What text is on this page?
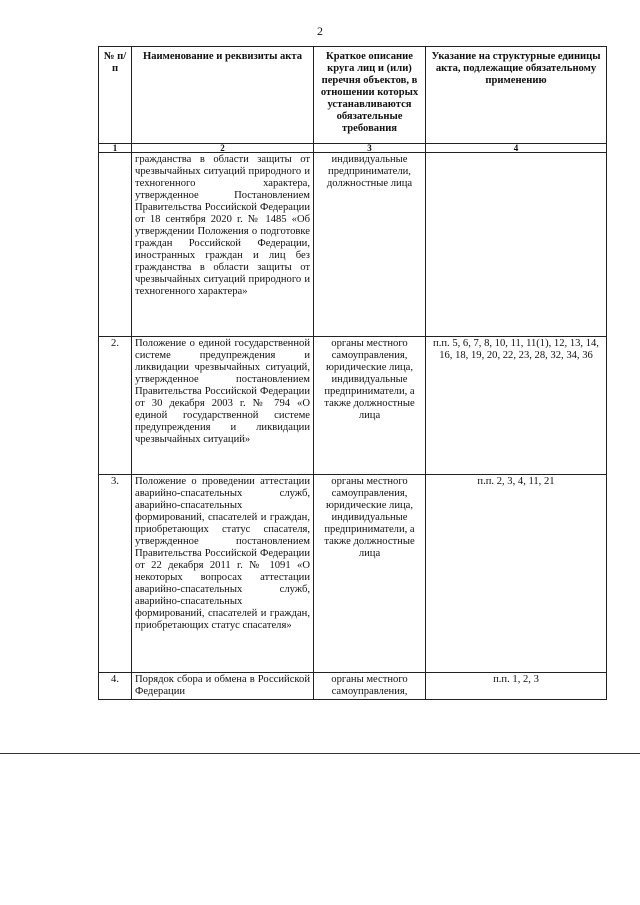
2
№ п/п	Наименование и реквизиты акта	Краткое описание круга лиц и (или) перечня объектов, в отношении которых устанавливаются обязательные требования	Указание на структурные единицы акта, подлежащие обязательному применению
1	2	3	4
	гражданства в области защиты от чрезвычайных ситуаций природного и техногенного характера, утвержденное Постановлением Правительства Российской Федерации от 18 сентября 2020 г. № 1485 «Об утверждении Положения о подготовке граждан Российской Федерации, иностранных граждан и лиц без гражданства в области защиты от чрезвычайных ситуаций природного и техногенного характера»	индивидуальные предприниматели, должностные лица	
2.	Положение о единой государственной системе предупреждения и ликвидации чрезвычайных ситуаций, утвержденное постановлением Правительства Российской Федерации от 30 декабря 2003 г. № 794 «О единой государственной системе предупреждения и ликвидации чрезвычайных ситуаций»	органы местного самоуправления, юридические лица, индивидуальные предприниматели, а также должностные лица	п.п. 5, 6, 7, 8, 10, 11, 11(1), 12, 13, 14, 16, 18, 19, 20, 22, 23, 28, 32, 34, 36
3.	Положение о проведении аттестации аварийно-спасательных служб, аварийно-спасательных формирований, спасателей и граждан, приобретающих статус спасателя, утвержденное постановлением Правительства Российской Федерации от 22 декабря 2011 г. № 1091 «О некоторых вопросах аттестации аварийно-спасательных служб, аварийно-спасательных формирований, спасателей и граждан, приобретающих статус спасателя»	органы местного самоуправления, юридические лица, индивидуальные предприниматели, а также должностные лица	п.п. 2, 3, 4, 11, 21
4.	Порядок сбора и обмена в Российской Федерации	органы местного самоуправления,	п.п. 1, 2, 3
